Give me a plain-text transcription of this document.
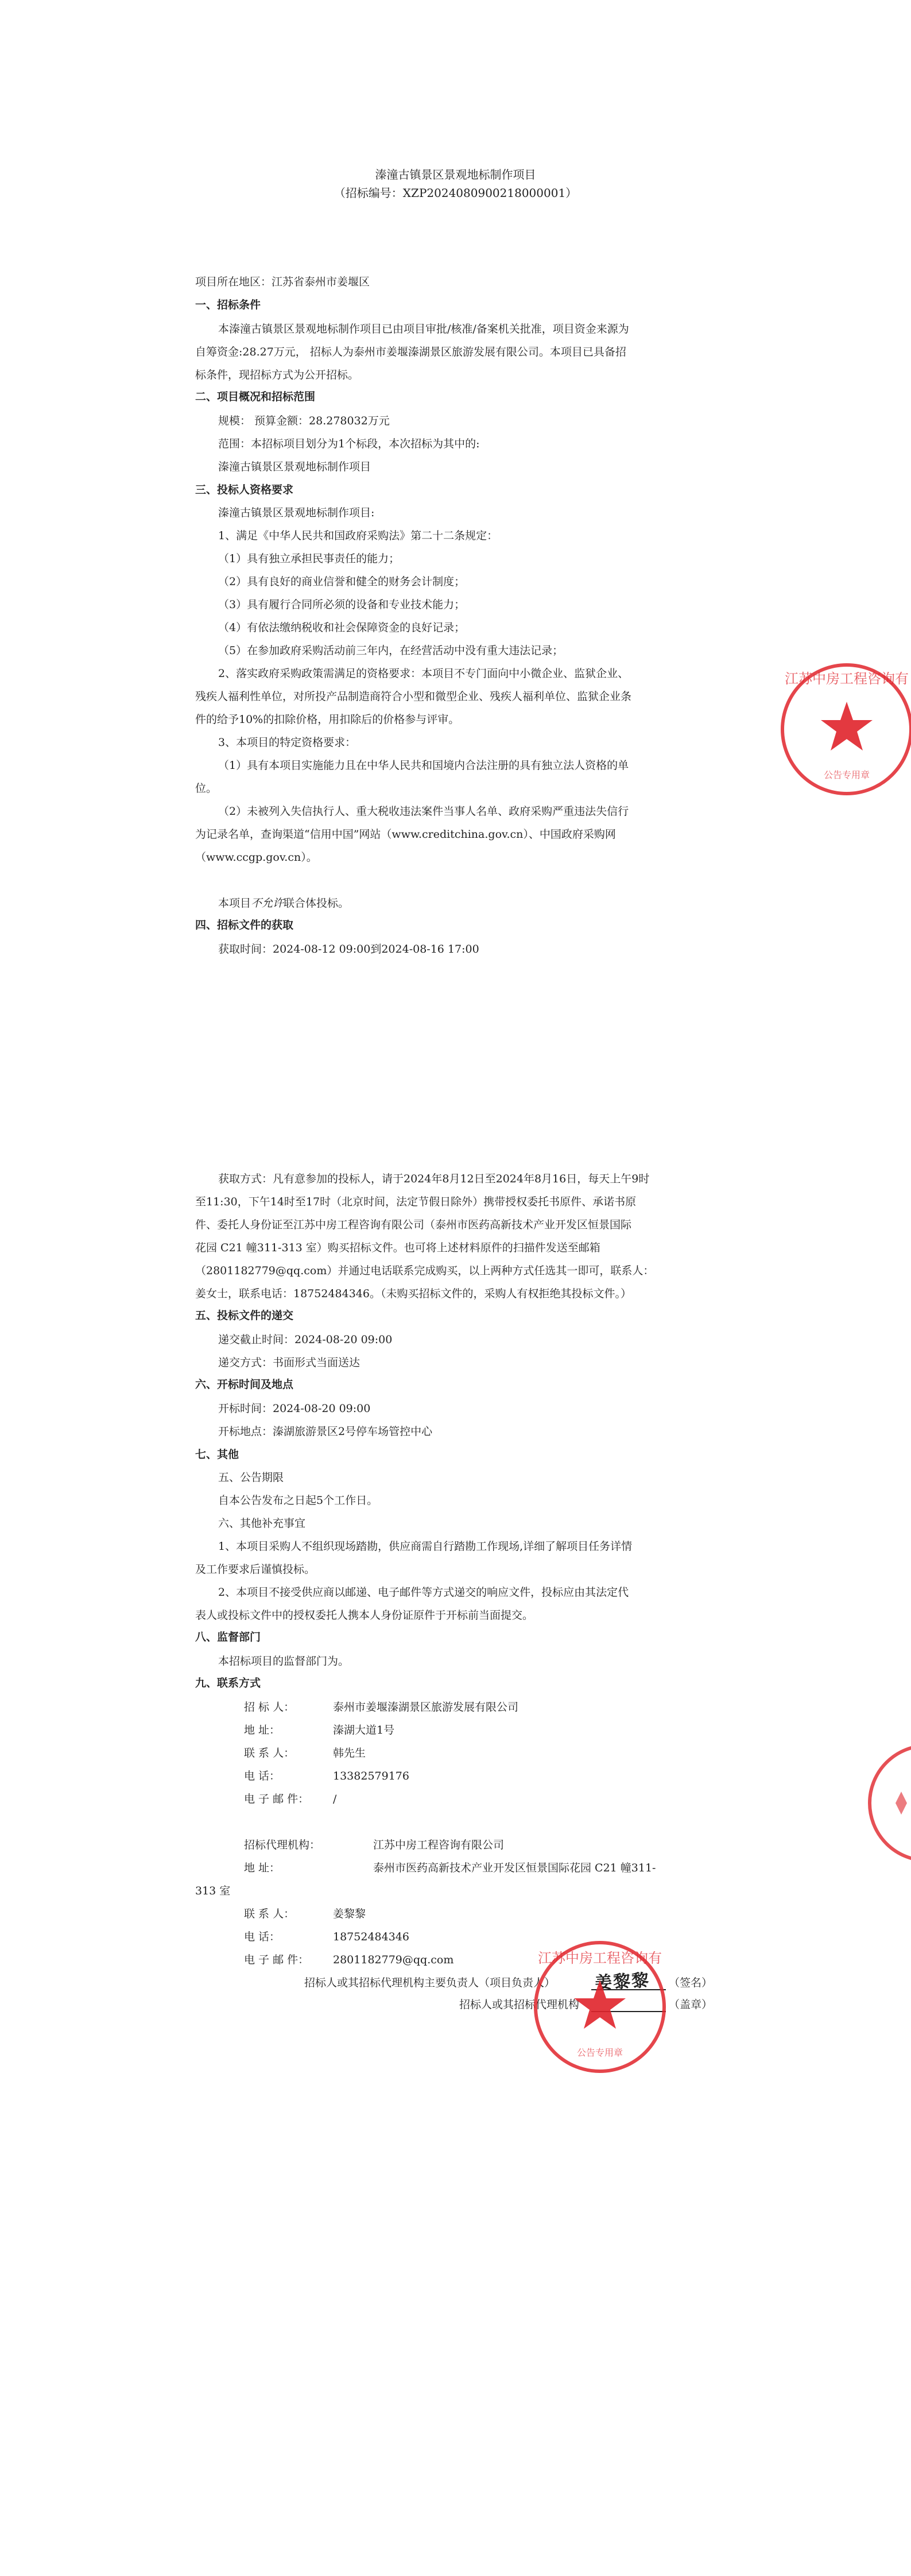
溱潼古镇景区景观地标制作项目
（招标编号：XZP2024080900218000001）
项目所在地区：江苏省泰州市姜堰区
一、招标条件
本溱潼古镇景区景观地标制作项目已由项目审批/核准/备案机关批准，项目资金来源为
自筹资金:28.27万元， 招标人为泰州市姜堰溱湖景区旅游发展有限公司。本项目已具备招
标条件，现招标方式为公开招标。
二、项目概况和招标范围
规模： 预算金额：28.278032万元
范围：本招标项目划分为1个标段，本次招标为其中的:
溱潼古镇景区景观地标制作项目
三、投标人资格要求
溱潼古镇景区景观地标制作项目:
1、满足《中华人民共和国政府采购法》第二十二条规定：
（1）具有独立承担民事责任的能力；
（2）具有良好的商业信誉和健全的财务会计制度；
（3）具有履行合同所必须的设备和专业技术能力；
（4）有依法缴纳税收和社会保障资金的良好记录；
（5）在参加政府采购活动前三年内，在经营活动中没有重大违法记录；
2、落实政府采购政策需满足的资格要求：本项目不专门面向中小微企业、监狱企业、
残疾人福利性单位，对所投产品制造商符合小型和微型企业、残疾人福利单位、监狱企业条
件的给予10%的扣除价格，用扣除后的价格参与评审。
3、本项目的特定资格要求：
（1）具有本项目实施能力且在中华人民共和国境内合法注册的具有独立法人资格的单
位。
（2）未被列入失信执行人、重大税收违法案件当事人名单、政府采购严重违法失信行
为记录名单，查询渠道“信用中国”网站（www.creditchina.gov.cn）、中国政府采购网
（www.ccgp.gov.cn）。
本项目不允许联合体投标。
四、招标文件的获取
获取时间：2024-08-12 09:00到2024-08-16 17:00
获取方式：凡有意参加的投标人，请于2024年8月12日至2024年8月16日，每天上午9时
至11:30，下午14时至17时（北京时间，法定节假日除外）携带授权委托书原件、承诺书原
件、委托人身份证至江苏中房工程咨询有限公司（泰州市医药高新技术产业开发区恒景国际
花园 C21 幢311-313 室）购买招标文件。也可将上述材料原件的扫描件发送至邮箱
（2801182779@qq.com）并通过电话联系完成购买，以上两种方式任选其一即可，联系人：
姜女士，联系电话：18752484346。（未购买招标文件的，采购人有权拒绝其投标文件。）
五、投标文件的递交
递交截止时间：2024-08-20 09:00
递交方式：书面形式当面送达
六、开标时间及地点
开标时间：2024-08-20 09:00
开标地点：溱湖旅游景区2号停车场管控中心
七、其他
五、公告期限
自本公告发布之日起5个工作日。
六、其他补充事宜
1、本项目采购人不组织现场踏勘，供应商需自行踏勘工作现场,详细了解项目任务详情
及工作要求后谨慎投标。
2、本项目不接受供应商以邮递、电子邮件等方式递交的响应文件，投标应由其法定代
表人或投标文件中的授权委托人携本人身份证原件于开标前当面提交。
八、监督部门
本招标项目的监督部门为。
九、联系方式
招 标 人：	泰州市姜堰溱湖景区旅游发展有限公司
地 址：	溱湖大道1号
联 系 人：	韩先生
电 话：	13382579176
电 子 邮 件： /
招标代理机构：	江苏中房工程咨询有限公司
地 址：	泰州市医药高新技术产业开发区恒景国际花园 C21 幢311-
313 室
联 系 人：	姜黎黎
电 话：	18752484346
电 子 邮 件： 2801182779@qq.com
招标人或其招标代理机构主要负责人（项目负责人）	（签名）
招标人或其招标代理机构	（盖章）
姜黎黎
江苏中房工程咨询有
公告专用章
江苏中房工程咨询有
公告专用章
